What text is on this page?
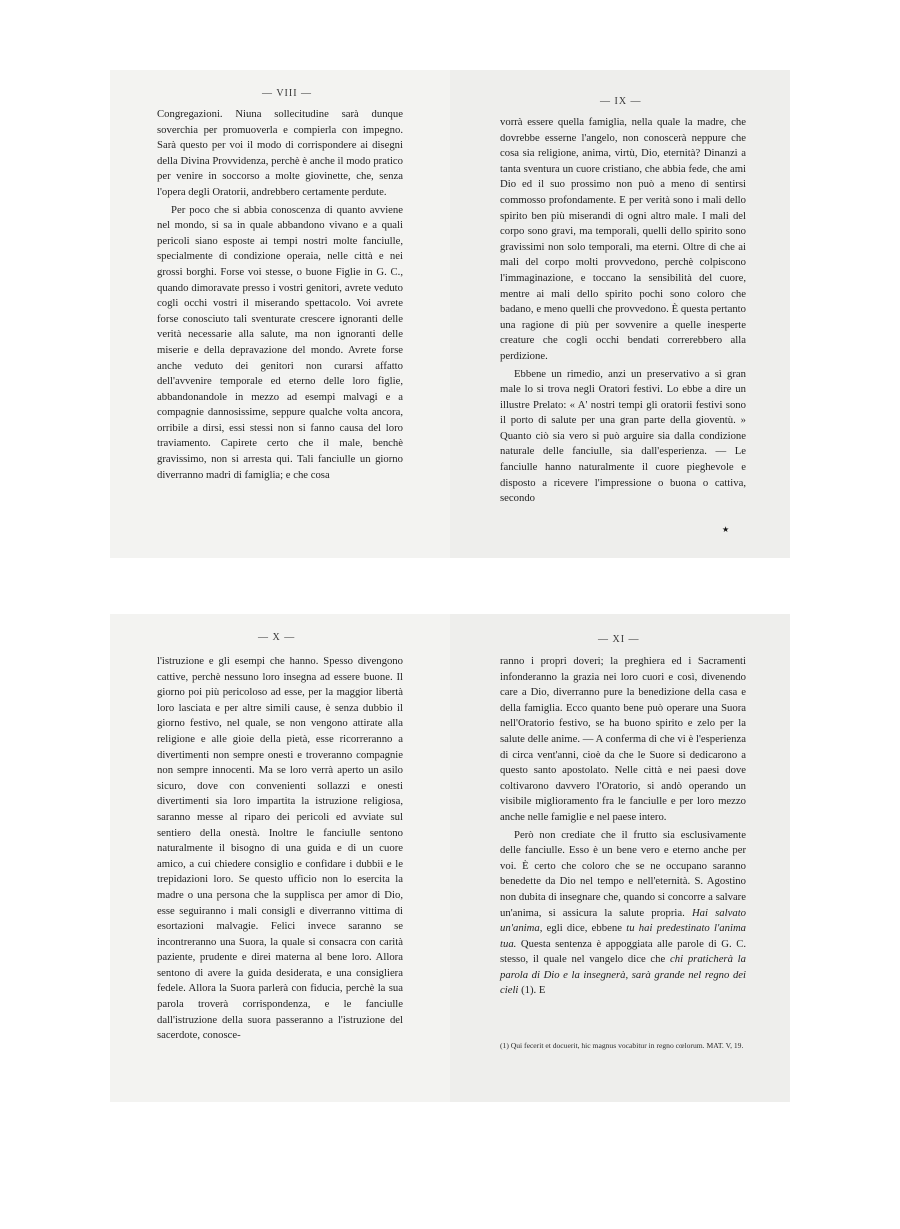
— VIII —

Congregazioni. Niuna sollecitudine sarà dunque soverchia per promuoverla e compierla con impegno. Sarà questo per voi il modo di corrispondere ai disegni della Divina Provvidenza, perchè è anche il modo pratico per venire in soccorso a molte giovinette, che, senza l'opera degli Oratorii, andrebbero certamente perdute.

Per poco che si abbia conoscenza di quanto avviene nel mondo, si sa in quale abbandono vivano e a quali pericoli siano esposte ai tempi nostri molte fanciulle, specialmente di condizione operaia, nelle città e nei grossi borghi. Forse voi stesse, o buone Figlie in G. C., quando dimoravate presso i vostri genitori, avrete veduto cogli occhi vostri il miserando spettacolo. Voi avrete forse conosciuto tali sventurate crescere ignoranti delle verità necessarie alla salute, ma non ignoranti delle miserie e della depravazione del mondo. Avrete forse anche veduto dei genitori non curarsi affatto dell'avvenire temporale ed eterno delle loro figlie, abbandonandole in mezzo ad esempi malvagi e a compagnie dannosissime, seppure qualche volta ancora, orribile a dirsi, essi stessi non si fanno causa del loro traviamento. Capirete certo che il male, benchè gravissimo, non si arresta qui. Tali fanciulle un giorno diverranno madri di famiglia; e che cosa

— IX —

vorrà essere quella famiglia, nella quale la madre, che dovrebbe esserne l'angelo, non conoscerà neppure che cosa sia religione, anima, virtù, Dio, eternità? Dinanzi a tanta sventura un cuore cristiano, che abbia fede, che ami Dio ed il suo prossimo non può a meno di sentirsi commosso profondamente. E per verità sono i mali dello spirito ben più miserandi di ogni altro male. I mali del corpo sono gravi, ma temporali, quelli dello spirito sono gravissimi non solo temporali, ma eterni. Oltre di che ai mali del corpo molti provvedono, perchè colpiscono l'immaginazione, e toccano la sensibilità del cuore, mentre ai mali dello spirito pochi sono coloro che badano, e meno quelli che provvedono. È questa pertanto una ragione di più per sovvenire a quelle inesperte creature che cogli occhi bendati correrebbero alla perdizione.

Ebbene un rimedio, anzi un preservativo a sì gran male lo si trova negli Oratori festivi. Lo ebbe a dire un illustre Prelato: « A' nostri tempi gli oratorii festivi sono il porto di salute per una gran parte della gioventù. » Quanto ciò sia vero si può arguire sia dalla condizione naturale delle fanciulle, sia dall'esperienza. — Le fanciulle hanno naturalmente il cuore pieghevole e disposto a ricevere l'impressione o buona o cattiva, secondo

★
— X —

l'istruzione e gli esempi che hanno. Spesso divengono cattive, perchè nessuno loro insegna ad essere buone. Il giorno poi più pericoloso ad esse, per la maggior libertà loro lasciata e per altre simili cause, è senza dubbio il giorno festivo, nel quale, se non vengono attirate alla religione e alle gioie della pietà, esse ricorreranno a divertimenti non sempre onesti e troveranno compagnie non sempre innocenti. Ma se loro verrà aperto un asilo sicuro, dove con convenienti sollazzi e onesti divertimenti sia loro impartita la istruzione religiosa, saranno messe al riparo dei pericoli ed avviate sul sentiero della onestà. Inoltre le fanciulle sentono naturalmente il bisogno di una guida e di un cuore amico, a cui chiedere consiglio e confidare i dubbii e le trepidazioni loro. Se questo ufficio non lo esercita la madre o una persona che la supplisca per amor di Dio, esse seguiranno i mali consigli e diverranno vittima di esortazioni malvagie. Felici invece saranno se incontreranno una Suora, la quale si consacra con carità paziente, prudente e direi materna al bene loro. Allora sentono di avere la guida desiderata, e una consigliera fedele. Allora la Suora parlerà con fiducia, perchè la sua parola troverà corrispondenza, e le fanciulle dall'istruzione della suora passeranno a l'istruzione del sacerdote, conosce-

— XI —

ranno i propri doveri; la preghiera ed i Sacramenti infonderanno la grazia nei loro cuori e così, divenendo care a Dio, diverranno pure la benedizione della casa e della famiglia. Ecco quanto bene può operare una Suora nell'Oratorio festivo, se ha buono spirito e zelo per la salute delle anime. — A conferma di che vi è l'esperienza di circa vent'anni, cioè da che le Suore si dedicarono a questo santo apostolato. Nelle città e nei paesi dove coltivarono davvero l'Oratorio, si andò operando un visibile miglioramento fra le fanciulle e per loro mezzo anche nelle famiglie e nel paese intero.

Però non crediate che il frutto sia esclusivamente delle fanciulle. Esso è un bene vero e eterno anche per voi. È certo che coloro che se ne occupano saranno benedette da Dio nel tempo e nell'eternità. S. Agostino non dubita di insegnare che, quando si concorre a salvare un'anima, si assicura la salute propria. Hai salvato un'anima, egli dice, ebbene tu hai predestinato l'anima tua. Questa sentenza è appoggiata alle parole di G. C. stesso, il quale nel vangelo dice che chi praticherà la parola di Dio e la insegnerà, sarà grande nel regno dei cieli (1). E

(1) Qui fecerit et docuerit, hic magnus vocabitur in regno cœlorum. MAT. V, 19.
